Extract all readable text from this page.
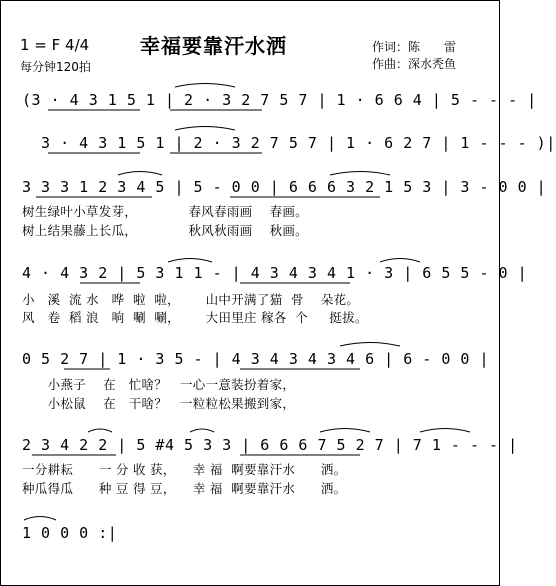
1 = F 4/4
每分钟120拍
幸福要靠汗水洒	作词：陈　　雷
作曲：深水秃鱼
(3 · 4 3 1 5 1 | 2 · 3 2 7 5 7 | 1 · 6 6 4 | 5 - - - |
3 · 4 3 1 5 1 | 2 · 3 2 7 5 7 | 1 · 6 2 7 | 1 - - - )|
3 3 3 1 2 3 4 5 | 5 - 0 0 | 6 6 6 3 2 1 5 3 | 3 - 0 0 |
树生绿叶小草发芽，            春风春雨画    春画。
树上结果藤上长瓜，            秋风秋雨画    秋画。
4 · 4 3 2 | 5 3 1 1 - | 4 3 4 3 4 1 · 3 | 6 5 5 - 0 |
小   溪  流 水   哗  啦  啦，      山中开满了猫  骨    朵花。
风   卷  稻 浪   响  唰  唰，      大田里庄 稼各  个     挺拔。
0 5 2 7 | 1 · 3 5 - | 4 3 4 3 4 3 4 6 | 6 - 0 0 |
小燕子    在   忙啥？   一心一意装扮着家，
小松鼠    在   干啥？   一粒粒松果搬到家，
2 3 4 2 2 | 5 #4 5 3 3 | 6 6 6 7 5 2 7 | 7 1 - - - |
一分耕耘      一 分 收 获，    幸 福  啊要靠汗水      洒。
种瓜得瓜      种 豆 得 豆，    幸 福  啊要靠汗水      洒。
1 0 0 0 :|
